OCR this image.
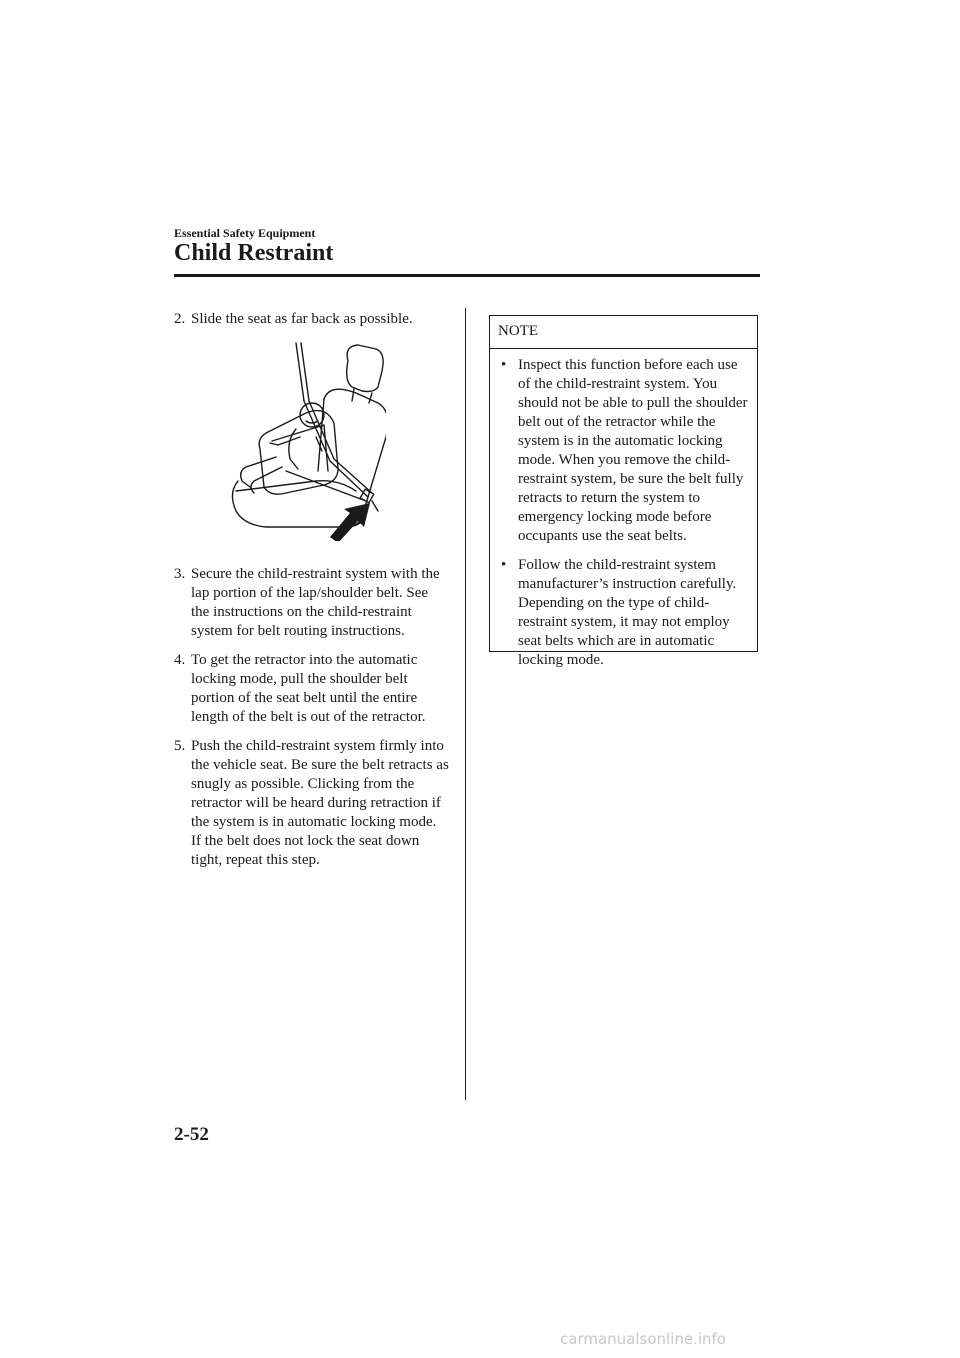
Essential Safety Equipment
Child Restraint

2. Slide the seat as far back as possible.

3. Secure the child-restraint system with the lap portion of the lap/shoulder belt. See the instructions on the child-restraint system for belt routing instructions.

4. To get the retractor into the automatic locking mode, pull the shoulder belt portion of the seat belt until the entire length of the belt is out of the retractor.

5. Push the child-restraint system firmly into the vehicle seat. Be sure the belt retracts as snugly as possible. Clicking from the retractor will be heard during retraction if the system is in automatic locking mode. If the belt does not lock the seat down tight, repeat this step.

NOTE

• Inspect this function before each use of the child-restraint system. You should not be able to pull the shoulder belt out of the retractor while the system is in the automatic locking mode. When you remove the child-restraint system, be sure the belt fully retracts to return the system to emergency locking mode before occupants use the seat belts.

• Follow the child-restraint system manufacturer’s instruction carefully. Depending on the type of child-restraint system, it may not employ seat belts which are in automatic locking mode.

2-52
carmanualsonline.info
